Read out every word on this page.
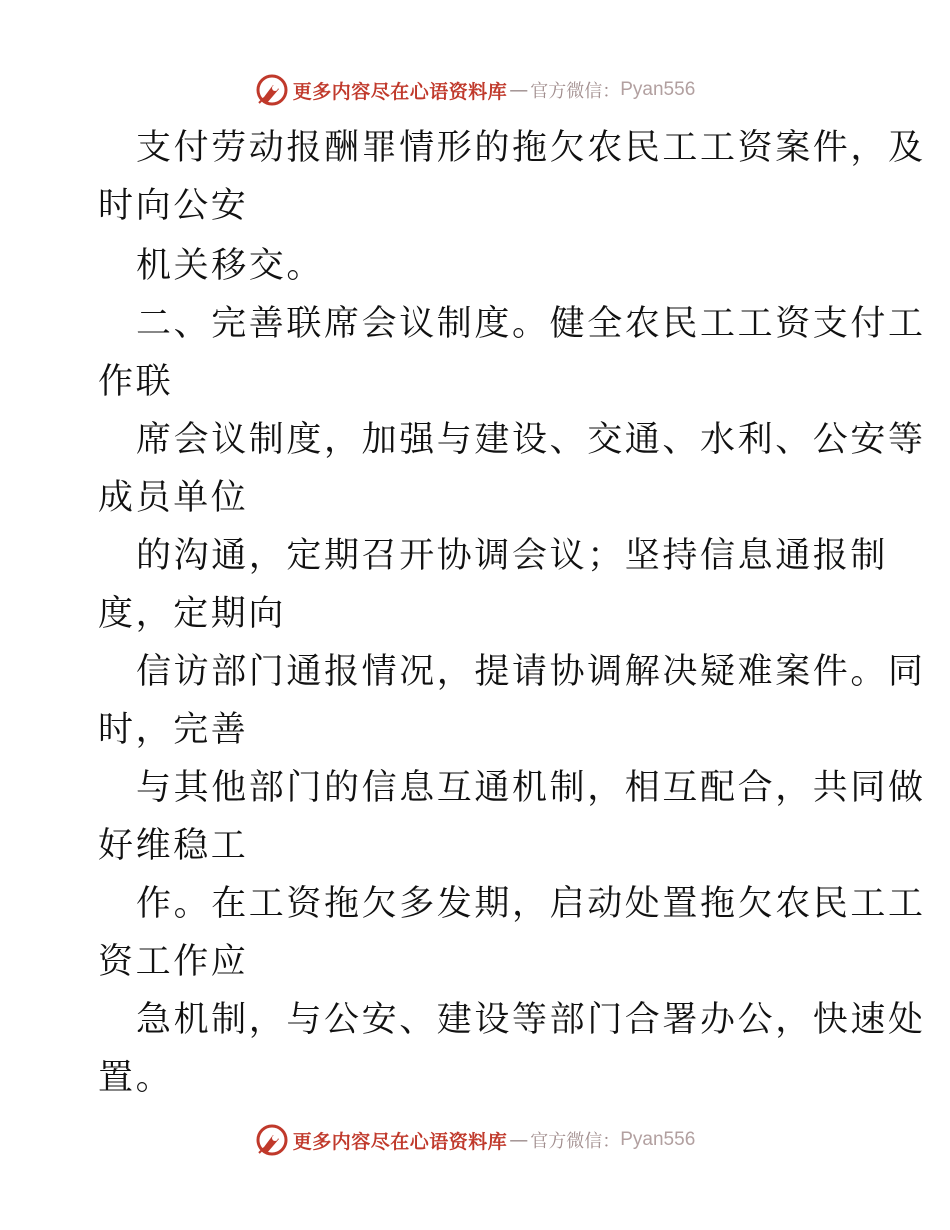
更多内容尽在心语资料库 — 官方微信： Pyan556
支付劳动报酬罪情形的拖欠农民工工资案件，及
时向公安
机关移交。
二、完善联席会议制度。健全农民工工资支付工
作联
席会议制度，加强与建设、交通、水利、公安等
成员单位
的沟通，定期召开协调会议；坚持信息通报制
度，定期向
信访部门通报情况，提请协调解决疑难案件。同
时，完善
与其他部门的信息互通机制，相互配合，共同做
好维稳工
作。在工资拖欠多发期，启动处置拖欠农民工工
资工作应
急机制，与公安、建设等部门合署办公，快速处
置。
更多内容尽在心语资料库 — 官方微信： Pyan556
